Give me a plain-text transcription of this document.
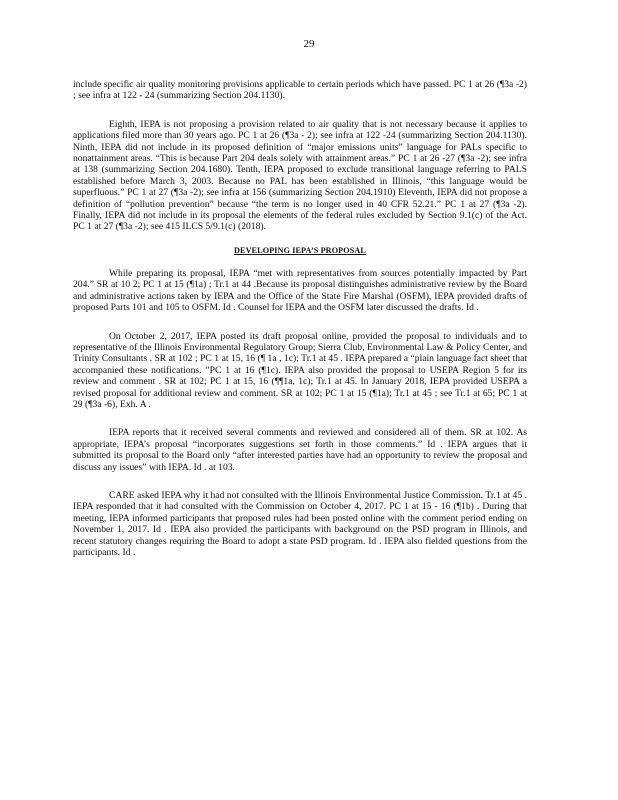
29

include specific air quality monitoring provisions applicable to certain periods which have passed. PC 1 at 26 (¶3a -2) ; see infra at 122 - 24 (summarizing Section 204.1130).

Eighth, IEPA is not proposing a provision related to air quality that is not necessary because it applies to applications filed more than 30 years ago. PC 1 at 26 (¶3a - 2); see infra at 122 -24 (summarizing Section 204.1130). Ninth, IEPA did not include in its proposed definition of “major emissions units” language for PALs specific to nonattainment areas. “This is because Part 204 deals solely with attainment areas.” PC 1 at 26 -27 (¶3a -2); see infra at 138 (summarizing Section 204.1680). Tenth, IEPA proposed to exclude transitional language referring to PALS established before March 3, 2003. Because no PAL has been established in Illinois, “this language would be superfluous.” PC 1 at 27 (¶3a -2); see infra at 156 (summarizing Section 204.1910) Eleventh, IEPA did not propose a definition of “pollution prevention” because “the term is no longer used in 40 CFR 52.21.” PC 1 at 27 (¶3a -2). Finally, IEPA did not include in its proposal the elements of the federal rules excluded by Section 9.1(c) of the Act. PC 1 at 27 (¶3a -2); see 415 ILCS 5/9.1(c) (2018).

DEVELOPING IEPA’S PROPOSAL

While preparing its proposal, IEPA “met with representatives from sources potentially impacted by Part 204.” SR at 10 2; PC 1 at 15 (¶1a) ; Tr.1 at 44 .Because its proposal distinguishes administrative review by the Board and administrative actions taken by IEPA and the Office of the State Fire Marshal (OSFM), IEPA provided drafts of proposed Parts 101 and 105 to OSFM. Id . Counsel for IEPA and the OSFM later discussed the drafts. Id .

On October 2, 2017, IEPA posted its draft proposal online, provided the proposal to individuals and to representative of the Illinois Environmental Regulatory Group; Sierra Club, Environmental Law & Policy Center, and Trinity Consultants . SR at 102 ; PC 1 at 15, 16 (¶ 1a , 1c); Tr.1 at 45 . IEPA prepared a “plain language fact sheet that accompanied these notifications. ”PC 1 at 16 (¶1c). IEPA also provided the proposal to USEPA Region 5 for its review and comment . SR at 102; PC 1 at 15, 16 (¶¶1a, 1c); Tr.1 at 45. In January 2018, IEPA provided USEPA a revised proposal for additional review and comment. SR at 102; PC 1 at 15 (¶1a); Tr.1 at 45 ; see Tr.1 at 65; PC 1 at 29 (¶3a -6), Exh. A .

IEPA reports that it received several comments and reviewed and considered all of them. SR at 102. As appropriate, IEPA’s proposal “incorporates suggestions set forth in those comments.” Id . IEPA argues that it submitted its proposal to the Board only “after interested parties have had an opportunity to review the proposal and discuss any issues” with IEPA. Id . at 103.

CARE asked IEPA why it had not consulted with the Illinois Environmental Justice Commission. Tr.1 at 45 . IEPA responded that it had consulted with the Commission on October 4, 2017. PC 1 at 15 - 16 (¶1b) . During that meeting, IEPA informed participants that proposed rules had been posted online with the comment period ending on November 1, 2017. Id . IEPA also provided the participants with background on the PSD program in Illinois, and recent statutory changes requiring the Board to adopt a state PSD program. Id . IEPA also fielded questions from the participants. Id .
